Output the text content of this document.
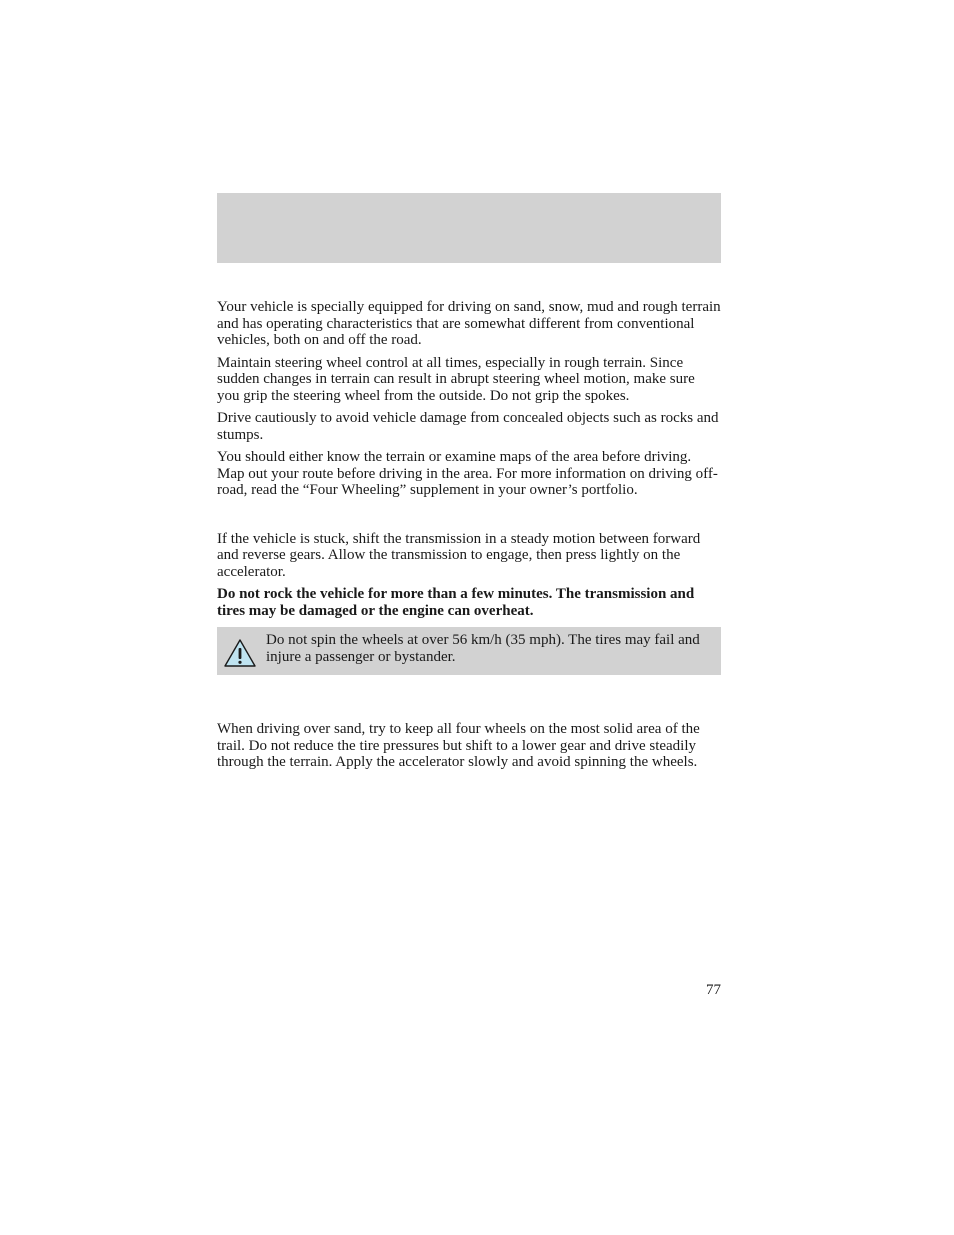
Your vehicle is specially equipped for driving on sand, snow, mud and rough terrain and has operating characteristics that are somewhat different from conventional vehicles, both on and off the road.

Maintain steering wheel control at all times, especially in rough terrain. Since sudden changes in terrain can result in abrupt steering wheel motion, make sure you grip the steering wheel from the outside. Do not grip the spokes.

Drive cautiously to avoid vehicle damage from concealed objects such as rocks and stumps.

You should either know the terrain or examine maps of the area before driving. Map out your route before driving in the area. For more information on driving off-road, read the “Four Wheeling” supplement in your owner’s portfolio.

If the vehicle is stuck, shift the transmission in a steady motion between forward and reverse gears. Allow the transmission to engage, then press lightly on the accelerator.

Do not rock the vehicle for more than a few minutes. The transmission and tires may be damaged or the engine can overheat.

Do not spin the wheels at over 56 km/h (35 mph). The tires may fail and injure a passenger or bystander.

When driving over sand, try to keep all four wheels on the most solid area of the trail. Do not reduce the tire pressures but shift to a lower gear and drive steadily through the terrain. Apply the accelerator slowly and avoid spinning the wheels.

77
